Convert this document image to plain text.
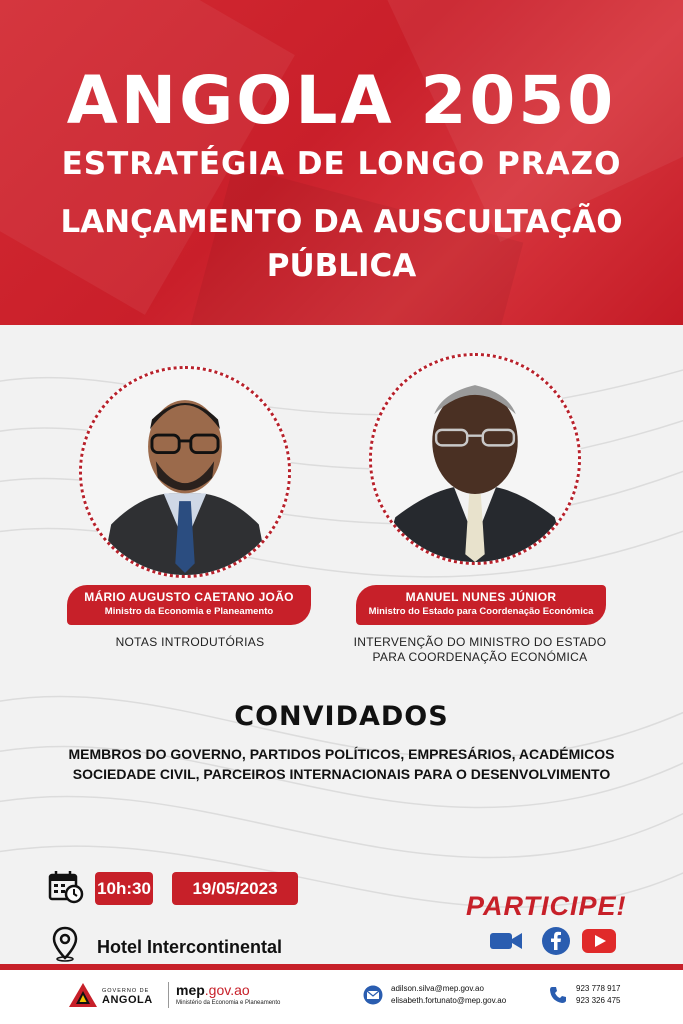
ANGOLA 2050
ESTRATÉGIA DE LONGO PRAZO
LANÇAMENTO DA AUSCULTAÇÃO
PÚBLICA
MÁRIO AUGUSTO CAETANO JOÃO
Ministro da Economia e Planeamento
NOTAS INTRODUTÓRIAS
MANUEL NUNES JÚNIOR
Ministro do Estado para Coordenação Económica
INTERVENÇÃO DO MINISTRO DO ESTADO
PARA COORDENAÇÃO ECONÓMICA
CONVIDADOS
MEMBROS DO GOVERNO, PARTIDOS POLÍTICOS, EMPRESÁRIOS, ACADÉMICOS
SOCIEDADE CIVIL, PARCEIROS INTERNACIONAIS PARA O DESENVOLVIMENTO
10h:30	19/05/2023
Hotel Intercontinental
PARTICIPE!
GOVERNO DE
ANGOLA
mep.gov.ao
Ministério da Economia e Planeamento
adilson.silva@mep.gov.ao
elisabeth.fortunato@mep.gov.ao
923 778 917
923 326 475
